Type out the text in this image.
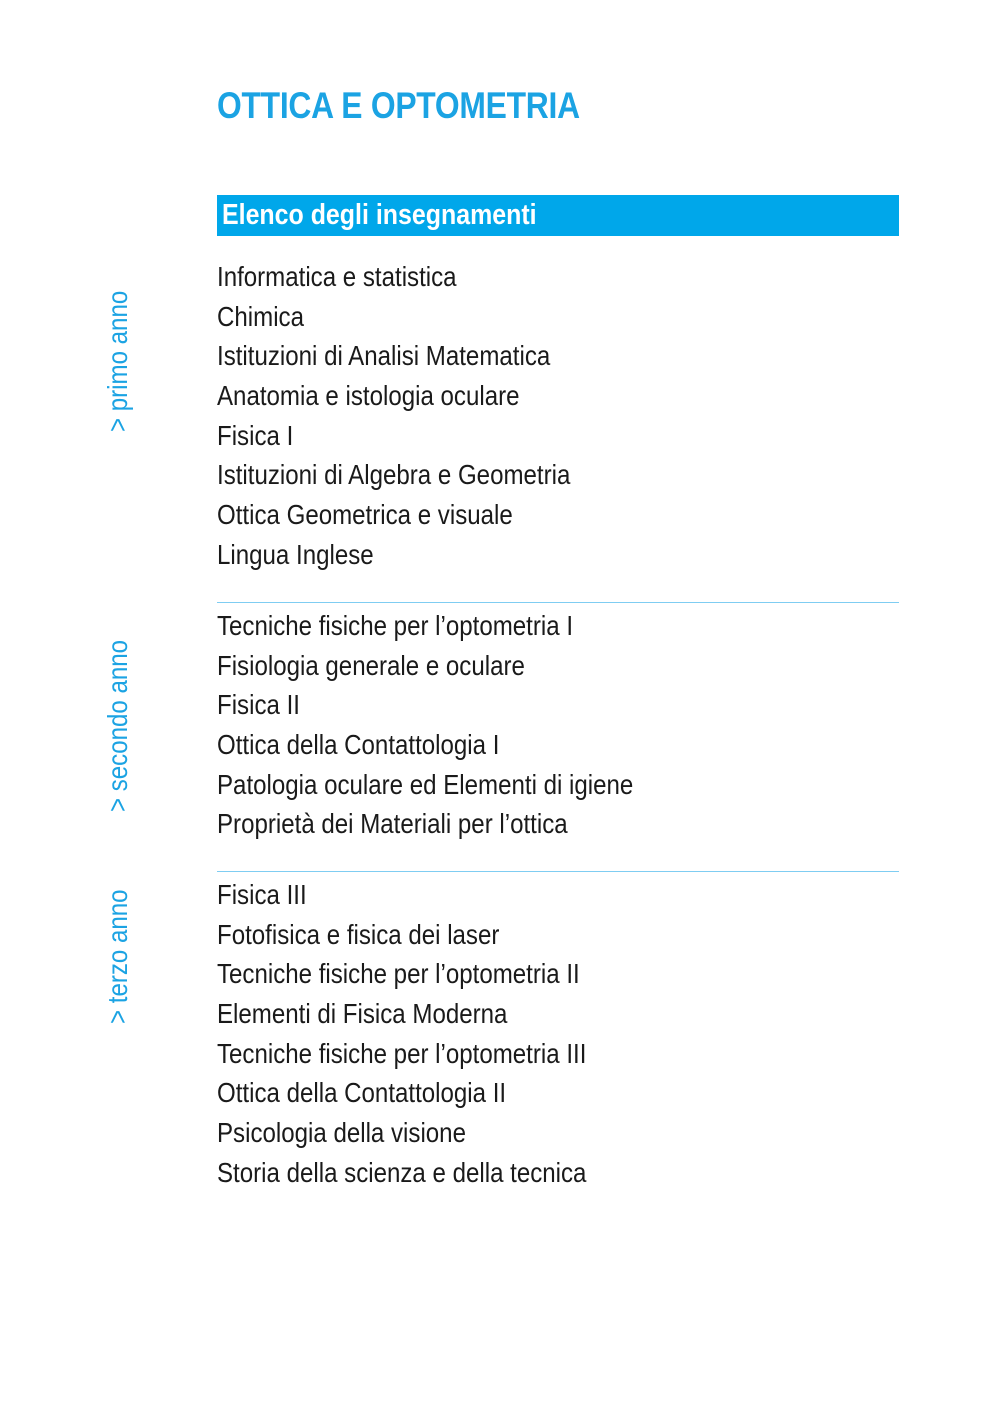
OTTICA E OPTOMETRIA
Elenco degli insegnamenti
> primo anno
Informatica e statistica
Chimica
Istituzioni di Analisi Matematica
Anatomia e istologia oculare
Fisica I
Istituzioni di Algebra e Geometria
Ottica Geometrica e visuale
Lingua Inglese
> secondo anno
Tecniche fisiche per l’optometria I
Fisiologia generale e oculare
Fisica II
Ottica della Contattologia I
Patologia oculare ed Elementi di igiene
Proprietà dei Materiali per l’ottica
> terzo anno	Fisica III
Fotofisica e fisica dei laser
Tecniche fisiche per l’optometria II
Elementi di Fisica Moderna
Tecniche fisiche per l’optometria III
Ottica della Contattologia II
Psicologia della visione
Storia della scienza e della tecnica
